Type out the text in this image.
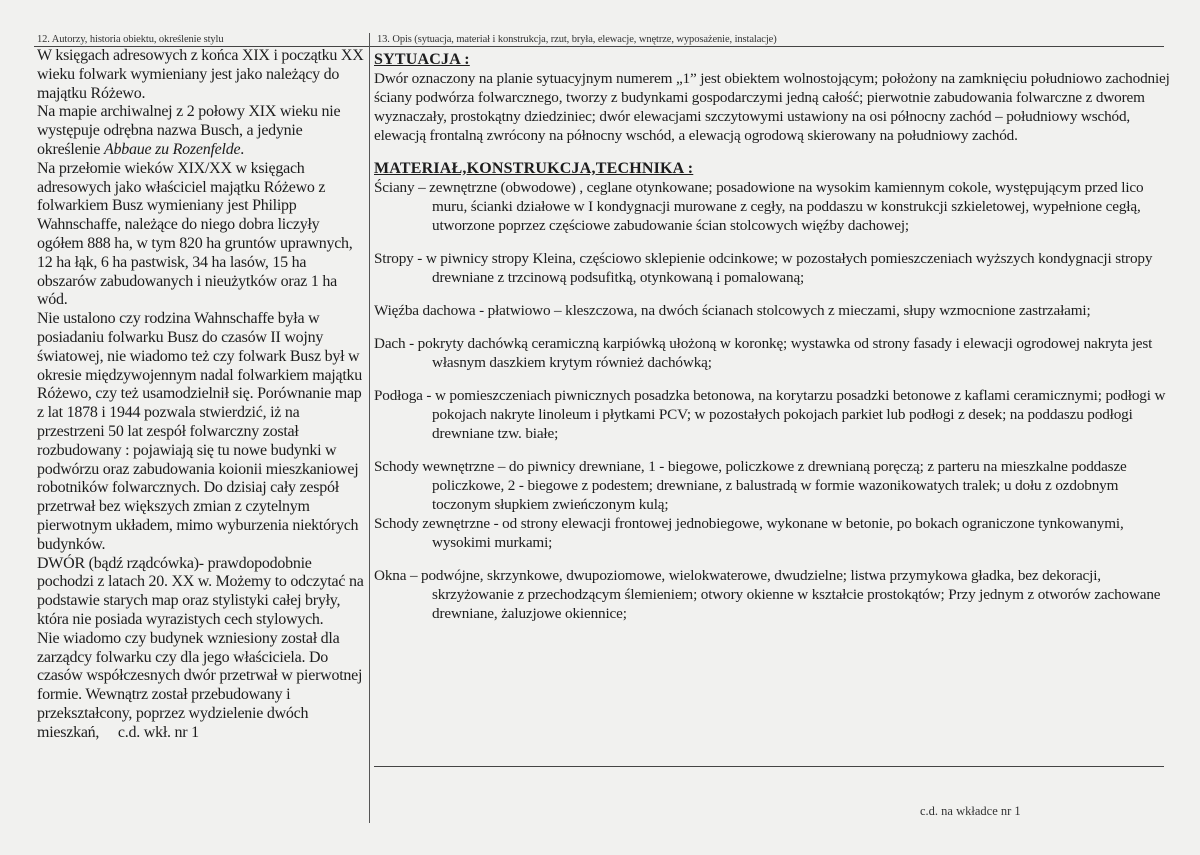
12. Autorzy, historia obiektu, określenie stylu	13. Opis (sytuacja, materiał i konstrukcja, rzut, bryła, elewacje, wnętrze, wyposażenie, instalacje)

W księgach adresowych z końca XIX i początku XX wieku folwark wymieniany jest jako należący do majątku Różewo.

Na mapie archiwalnej z 2 połowy XIX wieku nie występuje odrębna nazwa Busch, a jedynie określenie Abbaue zu Rozenfelde.

Na przełomie wieków XIX/XX w księgach adresowych jako właściciel majątku Różewo z folwarkiem Busz wymieniany jest Philipp Wahnschaffe, należące do niego dobra liczyły ogółem 888 ha, w tym 820 ha gruntów uprawnych, 12 ha łąk, 6 ha pastwisk, 34 ha lasów, 15 ha obszarów zabudowanych i nieużytków oraz 1 ha wód.

Nie ustalono czy rodzina Wahnschaffe była w posiadaniu folwarku Busz do czasów II wojny światowej, nie wiadomo też czy folwark Busz był w okresie międzywojennym nadal folwarkiem majątku Różewo, czy też usamodzielnił się. Porównanie map z lat 1878 i 1944 pozwala stwierdzić, iż na przestrzeni 50 lat zespół folwarczny został rozbudowany : pojawiają się tu nowe budynki w podwórzu oraz zabudowania koionii mieszkaniowej robotników folwarcznych. Do dzisiaj cały zespół przetrwał bez większych zmian z czytelnym pierwotnym układem, mimo wyburzenia niektórych budynków.

DWÓR (bądź rządcówka)- prawdopodobnie pochodzi z latach 20. XX w. Możemy to odczytać na podstawie starych map oraz stylistyki całej bryły, która nie posiada wyrazistych cech stylowych.

Nie wiadomo czy budynek wzniesiony został dla zarządcy folwarku czy dla jego właściciela. Do czasów współczesnych dwór przetrwał w pierwotnej formie. Wewnątrz został przebudowany i przekształcony, poprzez wydzielenie dwóch mieszkań, c.d. wkł. nr 1

SYTUACJA :

Dwór oznaczony na planie sytuacyjnym numerem „1” jest obiektem wolnostojącym; położony na zamknięciu południowo zachodniej ściany podwórza folwarcznego, tworzy z budynkami gospodarczymi jedną całość; pierwotnie zabudowania folwarczne z dworem wyznaczały, prostokątny dziedziniec; dwór elewacjami szczytowymi ustawiony na osi północny zachód – południowy wschód, elewacją frontalną zwrócony na północny wschód, a elewacją ogrodową skierowany na południowy zachód.

MATERIAŁ,KONSTRUKCJA,TECHNIKA :

Ściany – zewnętrzne (obwodowe) , ceglane otynkowane; posadowione na wysokim kamiennym cokole, występującym przed lico muru, ścianki działowe w I kondygnacji murowane z cegły, na poddaszu w konstrukcji szkieletowej, wypełnione cegłą, utworzone poprzez częściowe zabudowanie ścian stolcowych więźby dachowej;

Stropy - w piwnicy stropy Kleina, częściowo sklepienie odcinkowe; w pozostałych pomieszczeniach wyższych kondygnacji stropy drewniane z trzcinową podsufitką, otynkowaną i pomalowaną;

Więźba dachowa - płatwiowo – kleszczowa, na dwóch ścianach stolcowych z mieczami, słupy wzmocnione zastrzałami;

Dach - pokryty dachówką ceramiczną karpiówką ułożoną w koronkę; wystawka od strony fasady i elewacji ogrodowej nakryta jest własnym daszkiem krytym również dachówką;

Podłoga - w pomieszczeniach piwnicznych posadzka betonowa, na korytarzu posadzki betonowe z kaflami ceramicznymi; podłogi w pokojach nakryte linoleum i płytkami PCV; w pozostałych pokojach parkiet lub podłogi z desek; na poddaszu podłogi drewniane tzw. białe;

Schody wewnętrzne – do piwnicy drewniane, 1 - biegowe, policzkowe z drewnianą poręczą; z parteru na mieszkalne poddasze policzkowe, 2 - biegowe z podestem; drewniane, z balustradą w formie wazonikowatych tralek; u dołu z ozdobnym toczonym słupkiem zwieńczonym kulą;

Schody zewnętrzne - od strony elewacji frontowej jednobiegowe, wykonane w betonie, po bokach ograniczone tynkowanymi, wysokimi murkami;

Okna – podwójne, skrzynkowe, dwupoziomowe, wielokwaterowe, dwudzielne; listwa przymykowa gładka, bez dekoracji, skrzyżowanie z przechodzącym ślemieniem; otwory okienne w kształcie prostokątów; Przy jednym z otworów zachowane drewniane, żaluzjowe okiennice;

c.d. na wkładce nr 1
